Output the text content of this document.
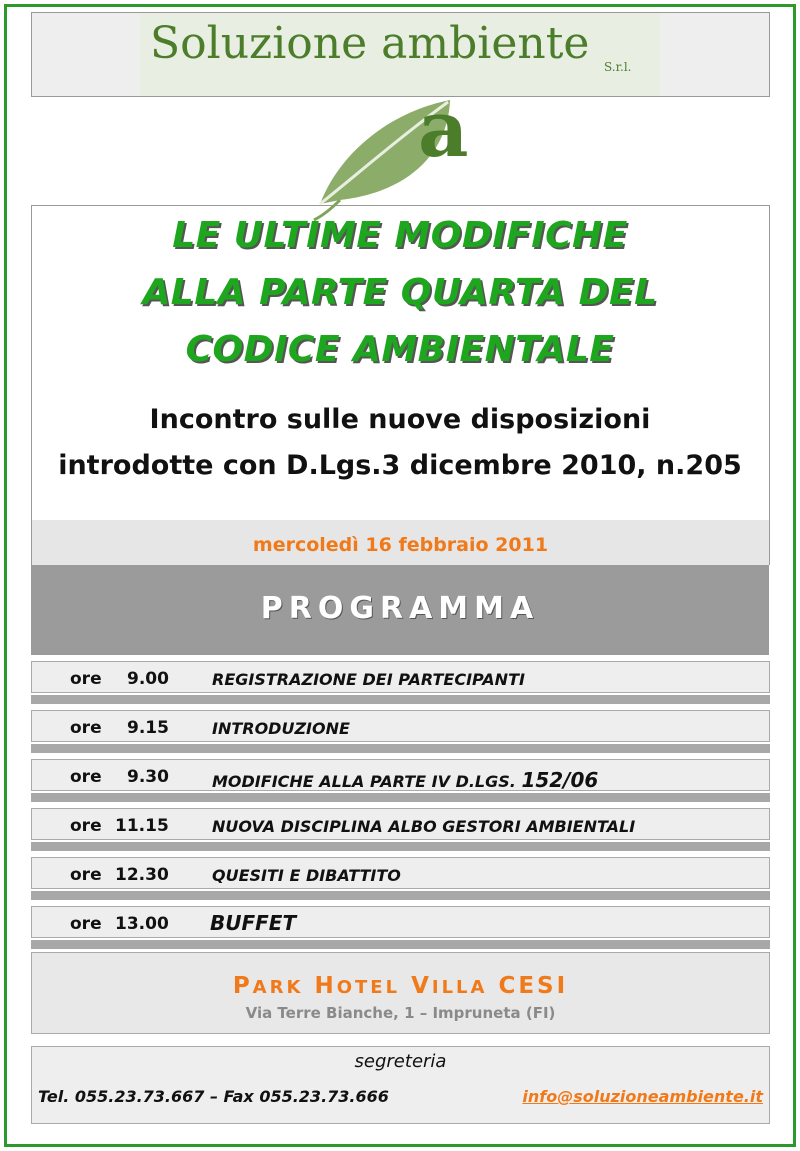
Soluzione ambiente S.r.l.
a
LE ULTIME MODIFICHE
ALLA PARTE QUARTA DEL
CODICE AMBIENTALE
Incontro sulle nuove disposizioni
introdotte con D.Lgs.3 dicembre 2010, n.205
mercoledì 16 febbraio 2011
PROGRAMMA
ore 9.00	REGISTRAZIONE DEI PARTECIPANTI
ore 9.15	INTRODUZIONE
ore 9.30	MODIFICHE ALLA PARTE IV D.LGS. 152/06
ore 11.15	NUOVA DISCIPLINA ALBO GESTORI AMBIENTALI
ore 12.30	QUESITI E DIBATTITO
ore 13.00 BUFFET
PARK HOTEL VILLA CESI
Via Terre Bianche, 1 – Impruneta (FI)
segreteria
Tel. 055.23.73.667 – Fax 055.23.73.666	info@soluzioneambiente.it
